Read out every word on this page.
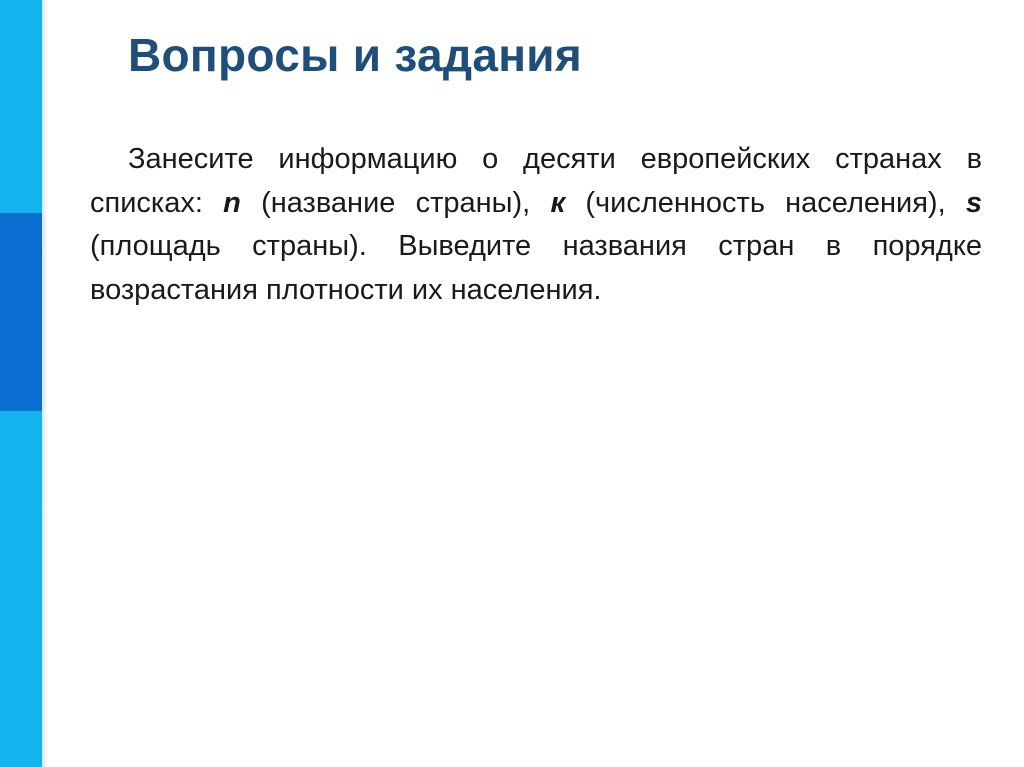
Вопросы и задания

Занесите информацию о десяти европейских странах в списках: n (название страны), к (численность населения), s (площадь страны). Выведите названия стран в порядке возрастания плотности их населения.
